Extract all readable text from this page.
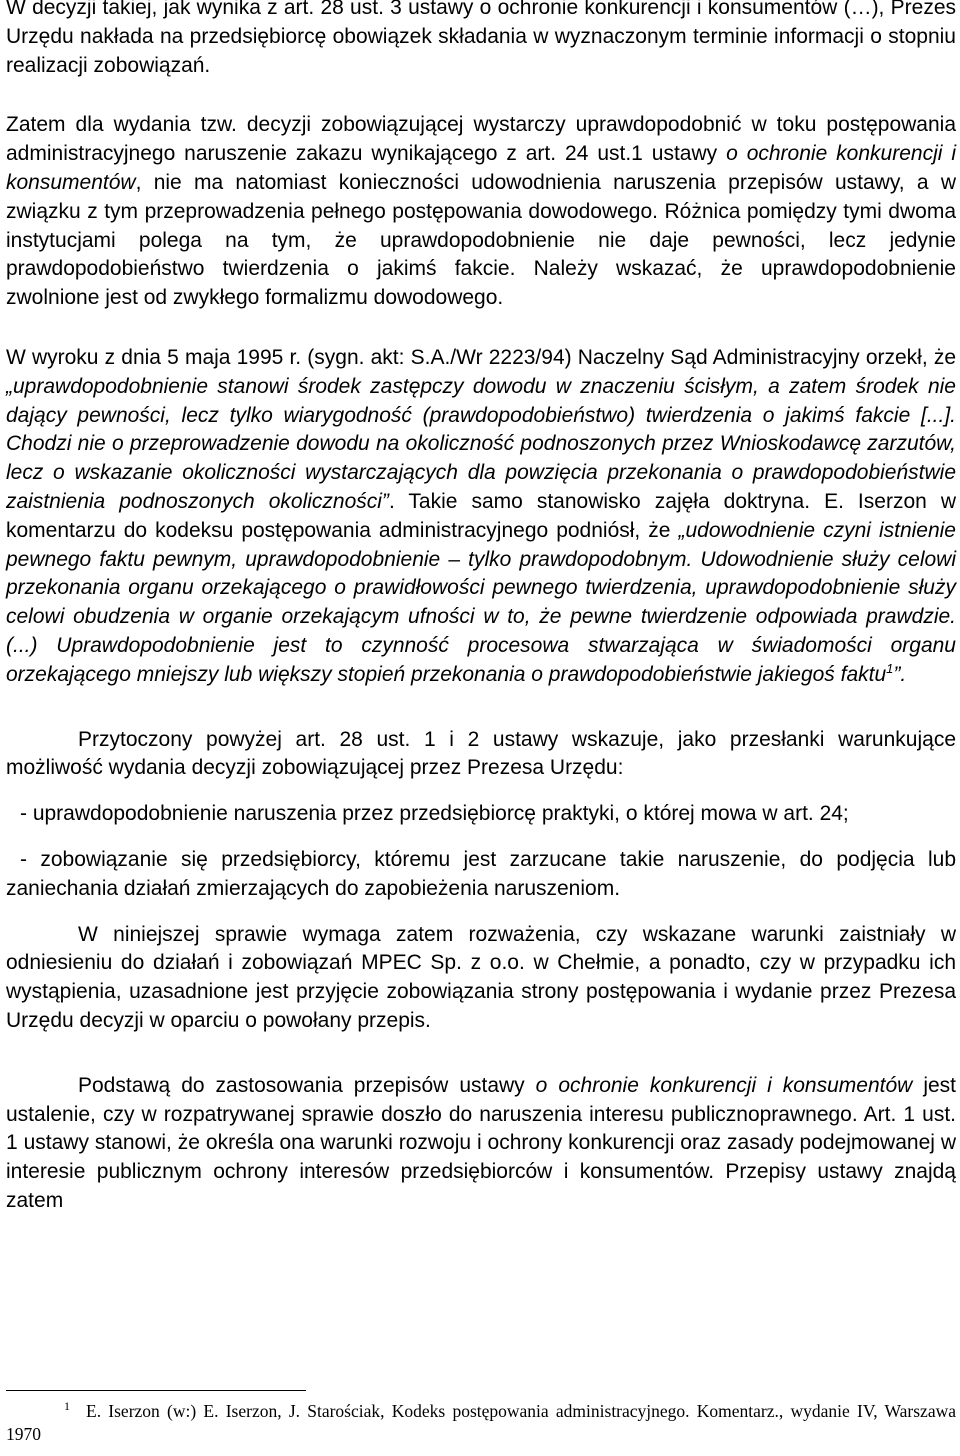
W decyzji takiej, jak wynika z art. 28 ust. 3 ustawy o ochronie konkurencji i konsumentów (…), Prezes Urzędu nakłada na przedsiębiorcę obowiązek składania w wyznaczonym terminie informacji o stopniu realizacji zobowiązań.

Zatem dla wydania tzw. decyzji zobowiązującej wystarczy uprawdopodobnić w toku postępowania administracyjnego naruszenie zakazu wynikającego z art. 24 ust.1 ustawy o ochronie konkurencji i konsumentów, nie ma natomiast konieczności udowodnienia naruszenia przepisów ustawy, a w związku z tym przeprowadzenia pełnego postępowania dowodowego. Różnica pomiędzy tymi dwoma instytucjami polega na tym, że uprawdopodobnienie nie daje pewności, lecz jedynie prawdopodobieństwo twierdzenia o jakimś fakcie. Należy wskazać, że uprawdopodobnienie zwolnione jest od zwykłego formalizmu dowodowego.

W wyroku z dnia 5 maja 1995 r. (sygn. akt: S.A./Wr 2223/94) Naczelny Sąd Administracyjny orzekł, że „uprawdopodobnienie stanowi środek zastępczy dowodu w znaczeniu ścisłym, a zatem środek nie dający pewności, lecz tylko wiarygodność (prawdopodobieństwo) twierdzenia o jakimś fakcie [...]. Chodzi nie o przeprowadzenie dowodu na okoliczność podnoszonych przez Wnioskodawcę zarzutów, lecz o wskazanie okoliczności wystarczających dla powzięcia przekonania o prawdopodobieństwie zaistnienia podnoszonych okoliczności”. Takie samo stanowisko zajęła doktryna. E. Iserzon w komentarzu do kodeksu postępowania administracyjnego podniósł, że „udowodnienie czyni istnienie pewnego faktu pewnym, uprawdopodobnienie – tylko prawdopodobnym. Udowodnienie służy celowi przekonania organu orzekającego o prawidłowości pewnego twierdzenia, uprawdopodobnienie służy celowi obudzenia w organie orzekającym ufności w to, że pewne twierdzenie odpowiada prawdzie. (...) Uprawdopodobnienie jest to czynność procesowa stwarzająca w świadomości organu orzekającego mniejszy lub większy stopień przekonania o prawdopodobieństwie jakiegoś faktu$^1$”.

Przytoczony powyżej art. 28 ust. 1 i 2 ustawy wskazuje, jako przesłanki warunkujące możliwość wydania decyzji zobowiązującej przez Prezesa Urzędu:

- uprawdopodobnienie naruszenia przez przedsiębiorcę praktyki, o której mowa w art. 24;

- zobowiązanie się przedsiębiorcy, któremu jest zarzucane takie naruszenie, do podjęcia lub zaniechania działań zmierzających do zapobieżenia naruszeniom.

W niniejszej sprawie wymaga zatem rozważenia, czy wskazane warunki zaistniały w odniesieniu do działań i zobowiązań MPEC Sp. z o.o. w Chełmie, a ponadto, czy w przypadku ich wystąpienia, uzasadnione jest przyjęcie zobowiązania strony postępowania i wydanie przez Prezesa Urzędu decyzji w oparciu o powołany przepis.

Podstawą do zastosowania przepisów ustawy o ochronie konkurencji i konsumentów jest ustalenie, czy w rozpatrywanej sprawie doszło do naruszenia interesu publicznoprawnego. Art. 1 ust. 1 ustawy stanowi, że określa ona warunki rozwoju i ochrony konkurencji oraz zasady podejmowanej w interesie publicznym ochrony interesów przedsiębiorców i konsumentów. Przepisy ustawy znajdą zatem

$^1$ E. Iserzon (w:) E. Iserzon, J. Starościak, Kodeks postępowania administracyjnego. Komentarz., wydanie IV, Warszawa 1970
